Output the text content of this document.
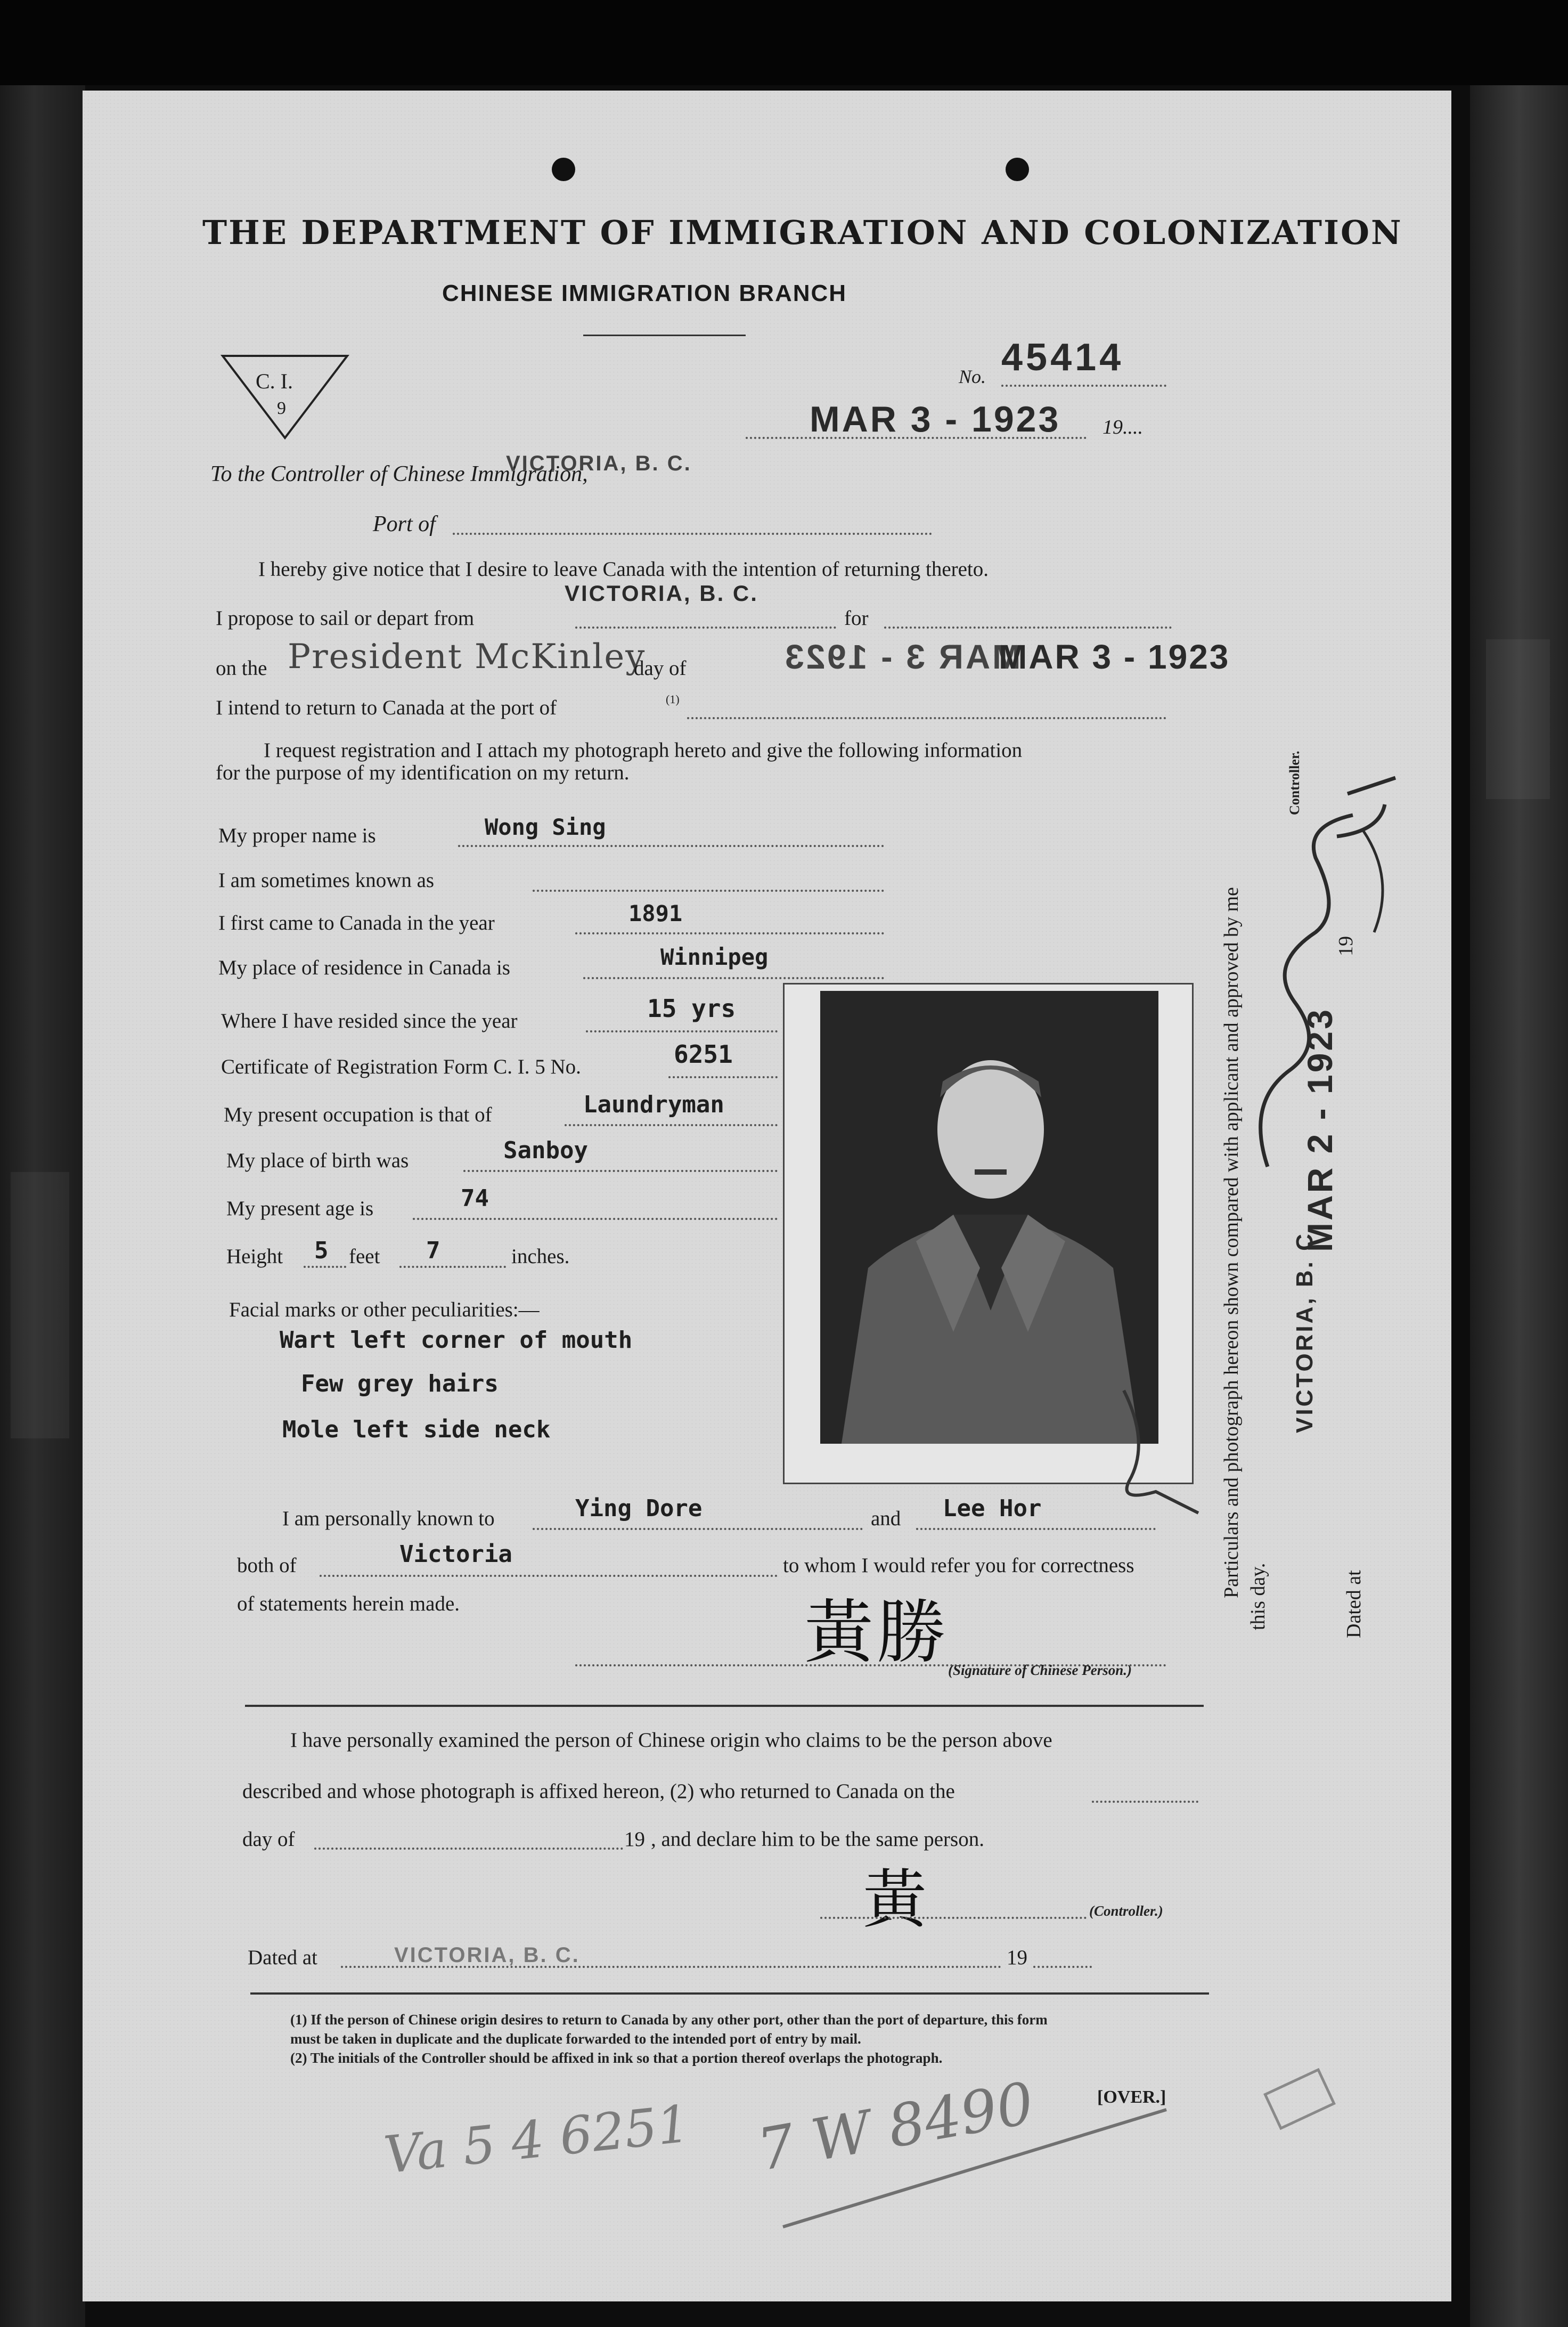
THE DEPARTMENT OF IMMIGRATION AND COLONIZATION
CHINESE IMMIGRATION BRANCH
C. I.
9
No. 45414
MAR 3 - 1923 19....
To the Controller of Chinese Immigration,
VICTORIA, B. C.
Port of
I hereby give notice that I desire to leave Canada with the intention of returning thereto.
I propose to sail or depart from
VICTORIA, B. C.
for
on the President McKinley
day of	MAR 3 - 1923
MAR 3 - 1923
I intend to return to Canada at the port of	(1)
I request registration and I attach my photograph hereto and give the following information
for the purpose of my identification on my return.
My proper name is	Wong Sing
I am sometimes known as
I first came to Canada in the year	1891
My place of residence in Canada is	Winnipeg
Where I have resided since the year	15 yrs
Certificate of Registration Form C. I. 5 No.	6251
My present occupation is that of	Laundryman
My place of birth was	Sanboy
My present age is	74
Height 5 feet 7	inches.
Facial marks or other peculiarities:—
Wart left corner of mouth
Few grey hairs
Mole left side neck
I am personally known to	Ying Dore	and Lee Hor
both of	Victoria	to whom I would refer you for correctness
of statements herein made.	黃勝
(Signature of Chinese Person.)
Particulars and photograph hereon shown compared with applicant and approved by me this day.
Controller.
19
Dated at
VICTORIA, B. C.
MAR 2 - 1923
I have personally examined the person of Chinese origin who claims to be the person above
described and whose photograph is affixed hereon, (2) who returned to Canada on the
day of	19 , and declare him to be the same person.
黃	(Controller.)
Dated at	VICTORIA, B. C.	19
(1) If the person of Chinese origin desires to return to Canada by any other port, other than the port of departure, this form
must be taken in duplicate and the duplicate forwarded to the intended port of entry by mail.
(2) The initials of the Controller should be affixed in ink so that a portion thereof overlaps the photograph.
[OVER.]
Va 5 4 6251 7 W 8490
